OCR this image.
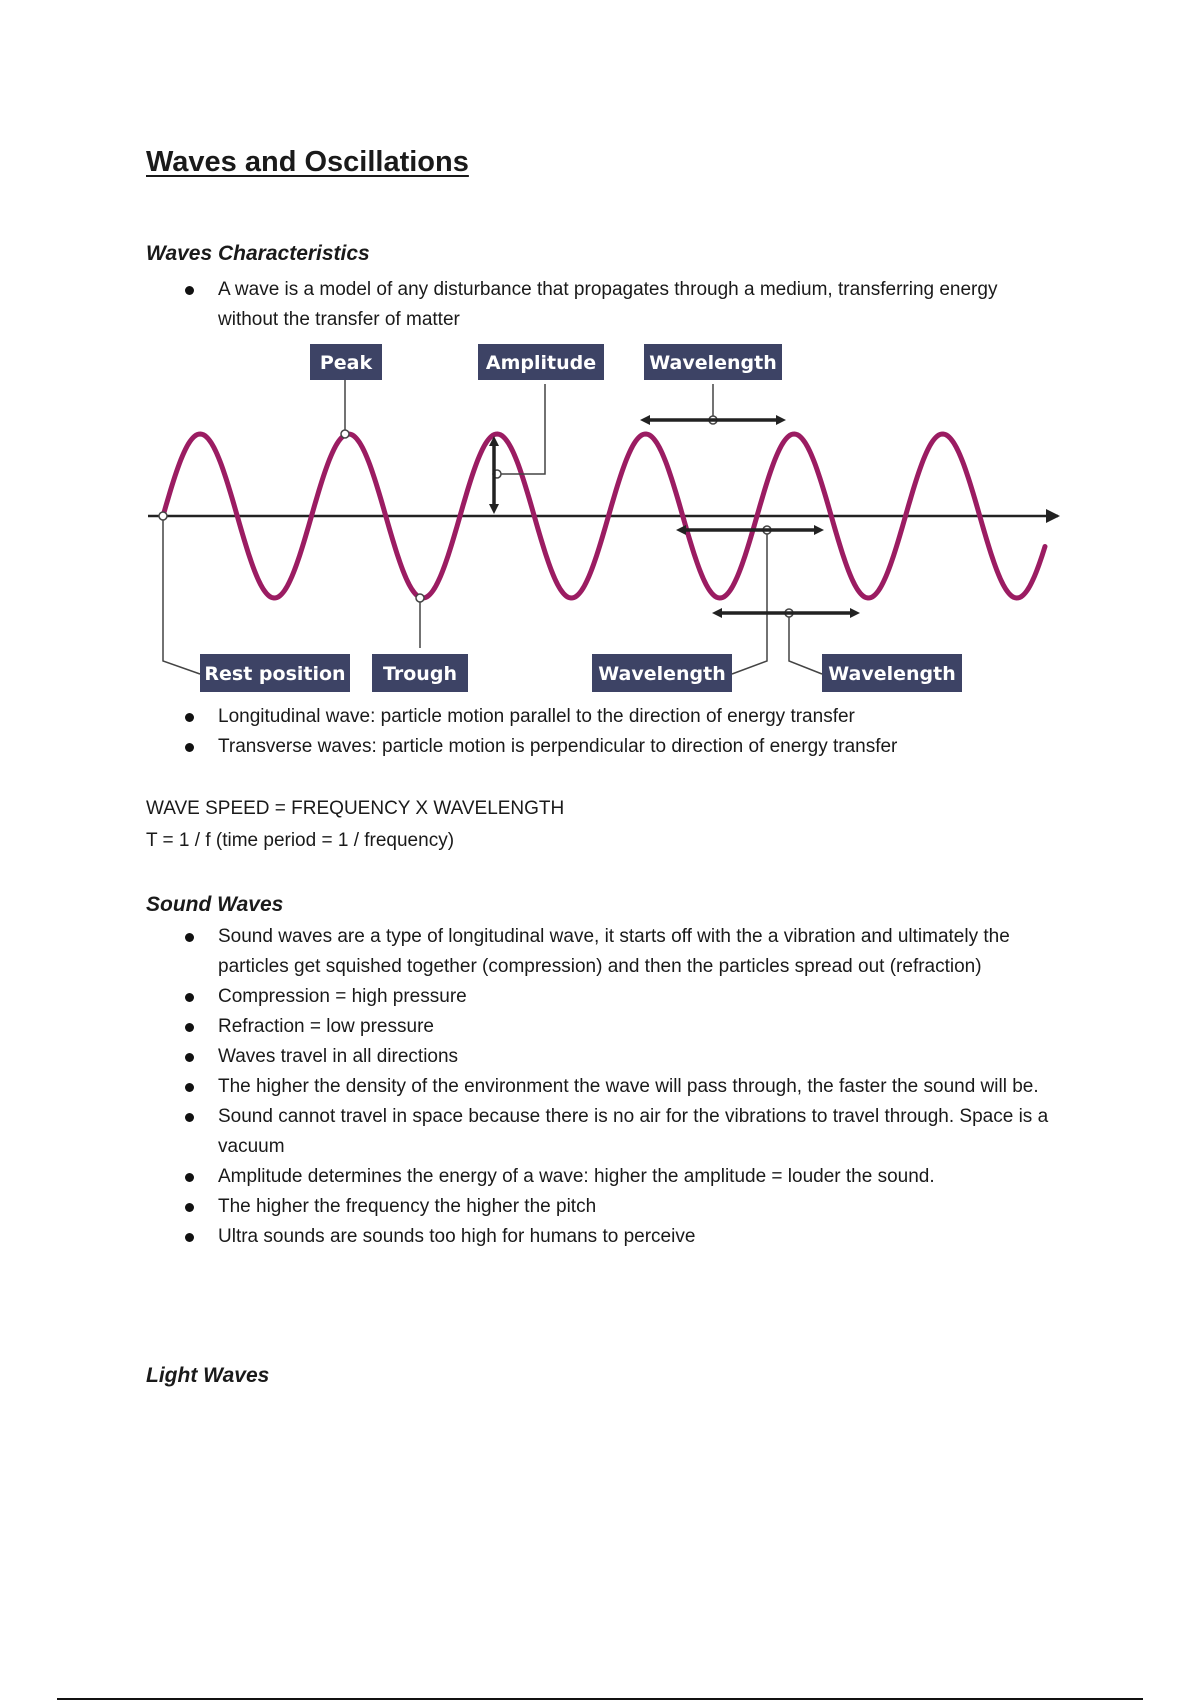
Waves and Oscillations
Waves Characteristics
A wave is a model of any disturbance that propagates through a medium, transferring energy without the transfer of matter
Peak	Amplitude	Wavelength
Rest position Trough	Wavelength	Wavelength
Longitudinal wave: particle motion parallel to the direction of energy transfer
Transverse waves: particle motion is perpendicular to direction of energy transfer

WAVE SPEED = FREQUENCY X WAVELENGTH

T = 1 / f (time period = 1 / frequency)

Sound Waves
Sound waves are a type of longitudinal wave, it starts off with the a vibration and ultimately the particles get squished together (compression) and then the particles spread out (refraction)
Compression = high pressure
Refraction = low pressure
Waves travel in all directions
The higher the density of the environment the wave will pass through, the faster the sound will be.
Sound cannot travel in space because there is no air for the vibrations to travel through. Space is a vacuum
Amplitude determines the energy of a wave: higher the amplitude = louder the sound.
The higher the frequency the higher the pitch
Ultra sounds are sounds too high for humans to perceive
Light Waves
